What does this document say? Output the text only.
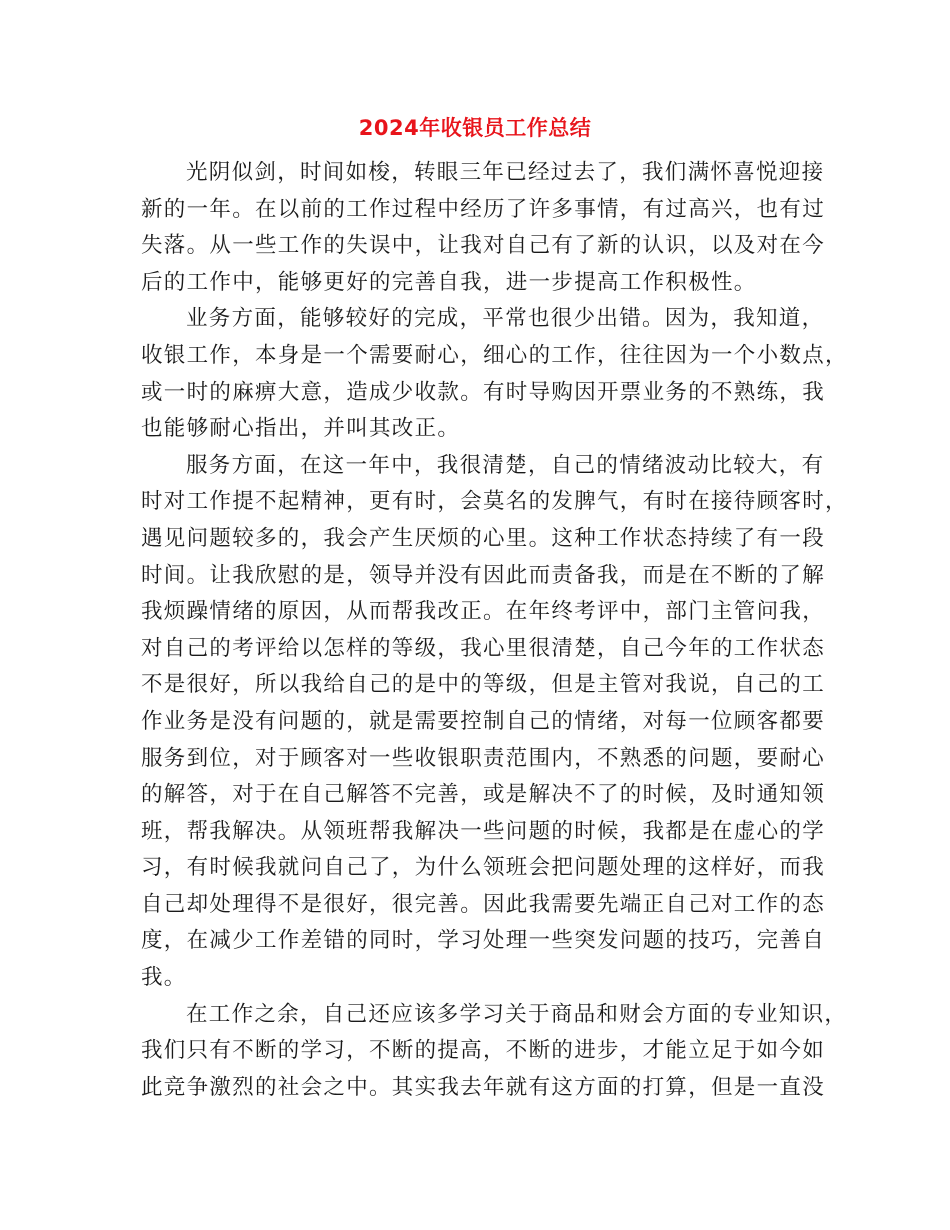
2024年收银员工作总结
光阴似剑，时间如梭，转眼三年已经过去了，我们满怀喜悦迎接
新的一年。在以前的工作过程中经历了许多事情，有过高兴，也有过
失落。从一些工作的失误中，让我对自己有了新的认识，以及对在今
后的工作中，能够更好的完善自我，进一步提高工作积极性。
业务方面，能够较好的完成，平常也很少出错。因为，我知道，
收银工作，本身是一个需要耐心，细心的工作，往往因为一个小数点，
或一时的麻痹大意，造成少收款。有时导购因开票业务的不熟练，我
也能够耐心指出，并叫其改正。
服务方面，在这一年中，我很清楚，自己的情绪波动比较大，有
时对工作提不起精神，更有时，会莫名的发脾气，有时在接待顾客时，
遇见问题较多的，我会产生厌烦的心里。这种工作状态持续了有一段
时间。让我欣慰的是，领导并没有因此而责备我，而是在不断的了解
我烦躁情绪的原因，从而帮我改正。在年终考评中，部门主管问我，
对自己的考评给以怎样的等级，我心里很清楚，自己今年的工作状态
不是很好，所以我给自己的是中的等级，但是主管对我说，自己的工
作业务是没有问题的，就是需要控制自己的情绪，对每一位顾客都要
服务到位，对于顾客对一些收银职责范围内，不熟悉的问题，要耐心
的解答，对于在自己解答不完善，或是解决不了的时候，及时通知领
班，帮我解决。从领班帮我解决一些问题的时候，我都是在虚心的学
习，有时候我就问自己了，为什么领班会把问题处理的这样好，而我
自己却处理得不是很好，很完善。因此我需要先端正自己对工作的态
度，在减少工作差错的同时，学习处理一些突发问题的技巧，完善自
我。
在工作之余，自己还应该多学习关于商品和财会方面的专业知识，
我们只有不断的学习，不断的提高，不断的进步，才能立足于如今如
此竞争激烈的社会之中。其实我去年就有这方面的打算，但是一直没
